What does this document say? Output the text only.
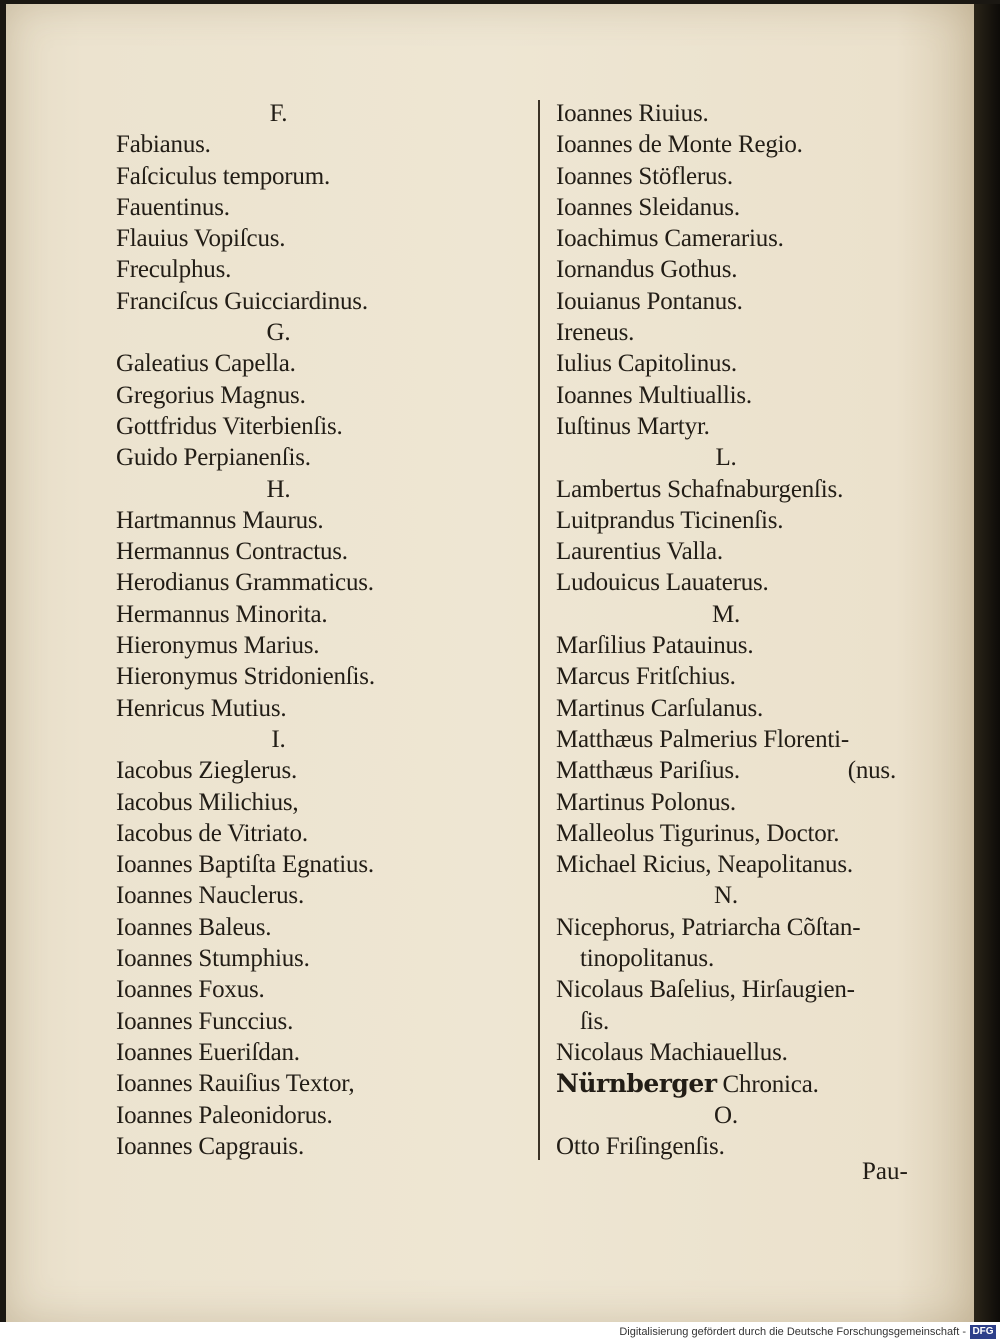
F.
Fabianus.
Faſciculus temporum.
Fauentinus.
Flauius Vopiſcus.
Freculphus.
Franciſcus Guicciardinus.
G.
Galeatius Capella.
Gregorius Magnus.
Gottfridus Viterbienſis.
Guido Perpianenſis.
H.
Hartmannus Maurus.
Hermannus Contractus.
Herodianus Grammaticus.
Hermannus Minorita.
Hieronymus Marius.
Hieronymus Stridonienſis.
Henricus Mutius.
I.
Iacobus Zieglerus.
Iacobus Milichius,
Iacobus de Vitriato.
Ioannes Baptiſta Egnatius.
Ioannes Nauclerus.
Ioannes Baleus.
Ioannes Stumphius.
Ioannes Foxus.
Ioannes Funccius.
Ioannes Eueriſdan.
Ioannes Rauiſius Textor,
Ioannes Paleonidorus.
Ioannes Capgrauis.
Ioannes Riuius.
Ioannes de Monte Regio.
Ioannes Stöflerus.
Ioannes Sleidanus.
Ioachimus Camerarius.
Iornandus Gothus.
Iouianus Pontanus.
Ireneus.
Iulius Capitolinus.
Ioannes Multiuallis.
Iuſtinus Martyr.
L.
Lambertus Schafnaburgenſis.
Luitprandus Ticinenſis.
Laurentius Valla.
Ludouicus Lauaterus.
M.
Marſilius Patauinus.
Marcus Fritſchius.
Martinus Carſulanus.
Matthæus Palmerius Florenti-
Matthæus Pariſius.	(nus.
Martinus Polonus.
Malleolus Tigurinus, Doctor.
Michael Ricius, Neapolitanus.
N.
Nicephorus, Patriarcha Cõſtan-
tinopolitanus.
Nicolaus Baſelius, Hirſaugien-
ſis.
Nicolaus Machiauellus.
Nürnberger Chronica.
O.
Otto Friſingenſis.
Pau-
Digitalisierung gefördert durch die Deutsche Forschungsgemeinschaft - DFG
